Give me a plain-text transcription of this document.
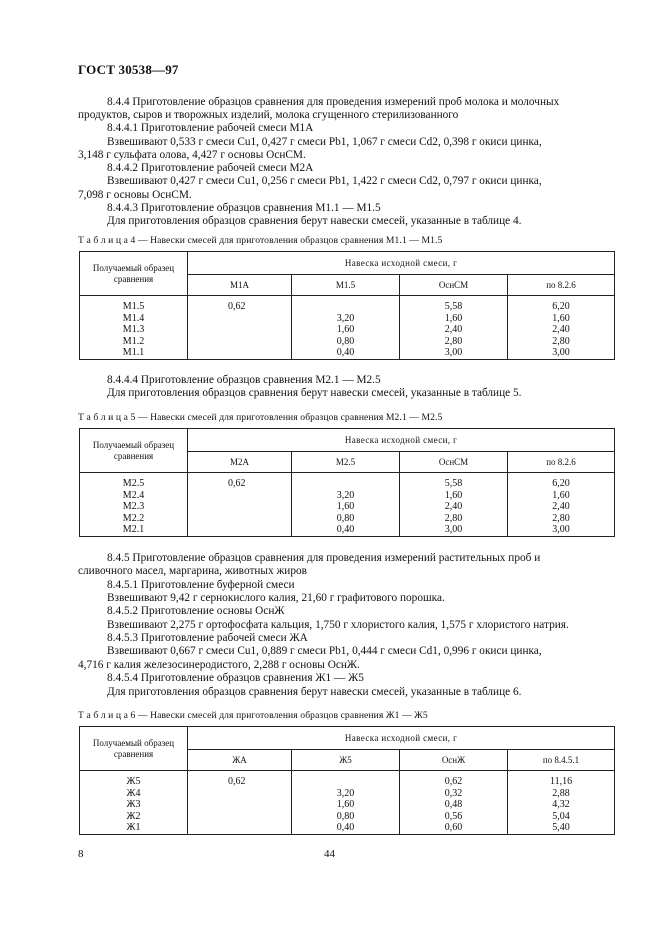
ГОСТ 30538—97
8.4.4 Приготовление образцов сравнения для проведения измерений проб молока и молочных
продуктов, сыров и творожных изделий, молока сгущенного стерилизованного
8.4.4.1 Приготовление рабочей смеси М1А
Взвешивают 0,533 г смеси Cu1, 0,427 г смеси Pb1, 1,067 г смеси Cd2, 0,398 г окиси цинка,
3,148 г сульфата олова, 4,427 г основы ОснСМ.
8.4.4.2 Приготовление рабочей смеси М2А
Взвешивают 0,427 г смеси Cu1, 0,256 г смеси Pb1, 1,422 г смеси Cd2, 0,797 г окиси цинка,
7,098 г основы ОснСМ.
8.4.4.3 Приготовление образцов сравнения М1.1 — М1.5
Для приготовления образцов сравнения берут навески смесей, указанные в таблице 4.
Т а б л и ц а 4 — Навески смесей для приготовления образцов сравнения М1.1 — М1.5
Получаемый образец сравнения	Навеска исходной смеси, г			
	М1А	М1.5	ОснСМ	по 8.2.6
М1.5	0,62		5,58	6,20
М1.4		3,20	1,60	1,60
М1.3		1,60	2,40	2,40
М1.2		0,80	2,80	2,80
М1.1		0,40	3,00	3,00
8.4.4.4 Приготовление образцов сравнения М2.1 — М2.5
Для приготовления образцов сравнения берут навески смесей, указанные в таблице 5.
Т а б л и ц а 5 — Навески смесей для приготовления образцов сравнения М2.1 — М2.5
Получаемый образец сравнения	Навеска исходной смеси, г			
	М2А	М2.5	ОснСМ	по 8.2.6
М2.5	0,62		5,58	6,20
М2.4		3,20	1,60	1,60
М2.3		1,60	2,40	2,40
М2.2		0,80	2,80	2,80
М2.1		0,40	3,00	3,00
8.4.5 Приготовление образцов сравнения для проведения измерений растительных проб и
сливочного масел, маргарина, животных жиров
8.4.5.1 Приготовление буферной смеси
Взвешивают 9,42 г сернокислого калия, 21,60 г графитового порошка.
8.4.5.2 Приготовление основы ОснЖ
Взвешивают 2,275 г ортофосфата кальция, 1,750 г хлористого калия, 1,575 г хлористого натрия.
8.4.5.3 Приготовление рабочей смеси ЖА
Взвешивают 0,667 г смеси Cu1, 0,889 г смеси Pb1, 0,444 г смеси Cd1, 0,996 г окиси цинка,
4,716 г калия железосинеродистого, 2,288 г основы ОснЖ.
8.4.5.4 Приготовление образцов сравнения Ж1 — Ж5
Для приготовления образцов сравнения берут навески смесей, указанные в таблице 6.
Т а б л и ц а 6 — Навески смесей для приготовления образцов сравнения Ж1 — Ж5
Получаемый образец сравнения	Навеска исходной смеси, г			
	ЖА	Ж5	ОснЖ	по 8.4.5.1
Ж5	0,62		0,62	11,16
Ж4		3,20	0,32	2,88
Ж3		1,60	0,48	4,32
Ж2		0,80	0,56	5,04
Ж1		0,40	0,60	5,40
8	44
